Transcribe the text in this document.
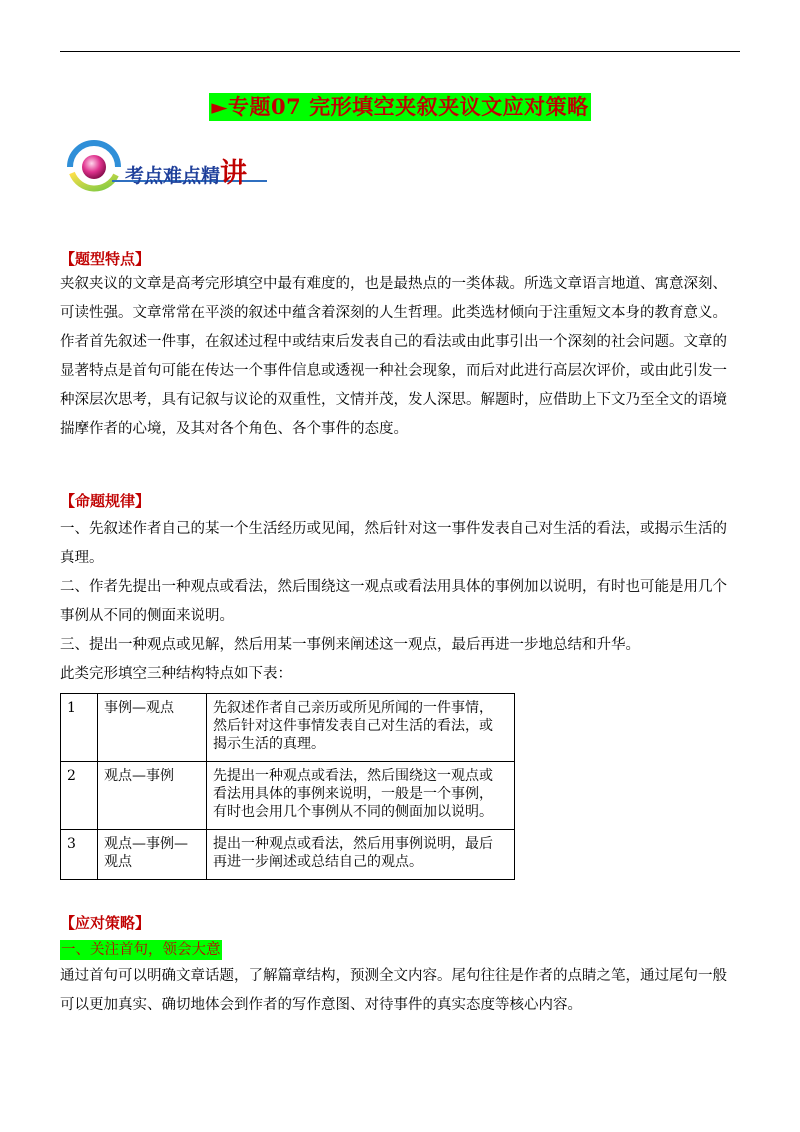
►专题07 完形填空夹叙夹议文应对策略
考点难点精讲
【题型特点】

夹叙夹议的文章是高考完形填空中最有难度的，也是最热点的一类体裁。所选文章语言地道、寓意深刻、

可读性强。文章常常在平淡的叙述中蕴含着深刻的人生哲理。此类选材倾向于注重短文本身的教育意义。

作者首先叙述一件事，在叙述过程中或结束后发表自己的看法或由此事引出一个深刻的社会问题。文章的

显著特点是首句可能在传达一个事件信息或透视一种社会现象，而后对此进行高层次评价，或由此引发一

种深层次思考，具有记叙与议论的双重性，文情并茂，发人深思。解题时，应借助上下文乃至全文的语境

揣摩作者的心境，及其对各个角色、各个事件的态度。

【命题规律】

一、先叙述作者自己的某一个生活经历或见闻，然后针对这一事件发表自己对生活的看法，或揭示生活的

真理。

二、作者先提出一种观点或看法，然后围绕这一观点或看法用具体的事例加以说明，有时也可能是用几个

事例从不同的侧面来说明。

三、提出一种观点或见解，然后用某一事例来阐述这一观点，最后再进一步地总结和升华。

此类完形填空三种结构特点如下表：

1	事例—观点	先叙述作者自己亲历或所见所闻的一件事情，
然后针对这件事情发表自己对生活的看法，或
揭示生活的真理。

2	观点—事例	先提出一种观点或看法，然后围绕这一观点或
看法用具体的事例来说明，一般是一个事例，
有时也会用几个事例从不同的侧面加以说明。

3	观点—事例—观点	提出一种观点或看法，然后用事例说明，最后
再进一步阐述或总结自己的观点。
【应对策略】
一、关注首句，领会大意

通过首句可以明确文章话题，了解篇章结构，预测全文内容。尾句往往是作者的点睛之笔，通过尾句一般

可以更加真实、确切地体会到作者的写作意图、对待事件的真实态度等核心内容。
